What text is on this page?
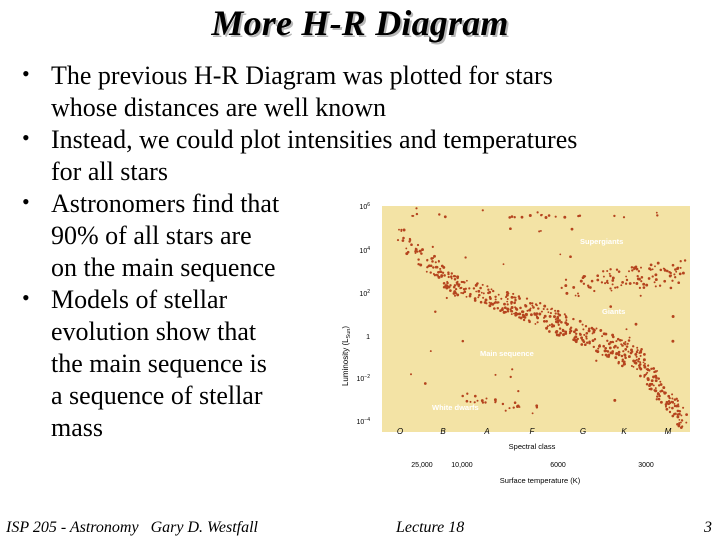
More H-R Diagram
• The previous H-R Diagram was plotted for stars
whose distances are well known
• Instead, we could plot intensities and temperatures
for all stars
• Astronomers find that
90% of all stars are
on the main sequence
• Models of stellar
evolution show that
the main sequence is
a sequence of stellar
mass
Luminosity $(L_{Sun})$
$10^6$
$10^4$
$10^2$
1
$10^{-2}$
$10^{-4}$
Supergiants
Giants
Main sequence
White dwarfs
O	B	A	F	G	K	M
Spectral class
25,000	10,000	6000	3000
Surface temperature (K)
ISP 205 - Astronomy   Gary D. Westfall	Lecture 18	3
